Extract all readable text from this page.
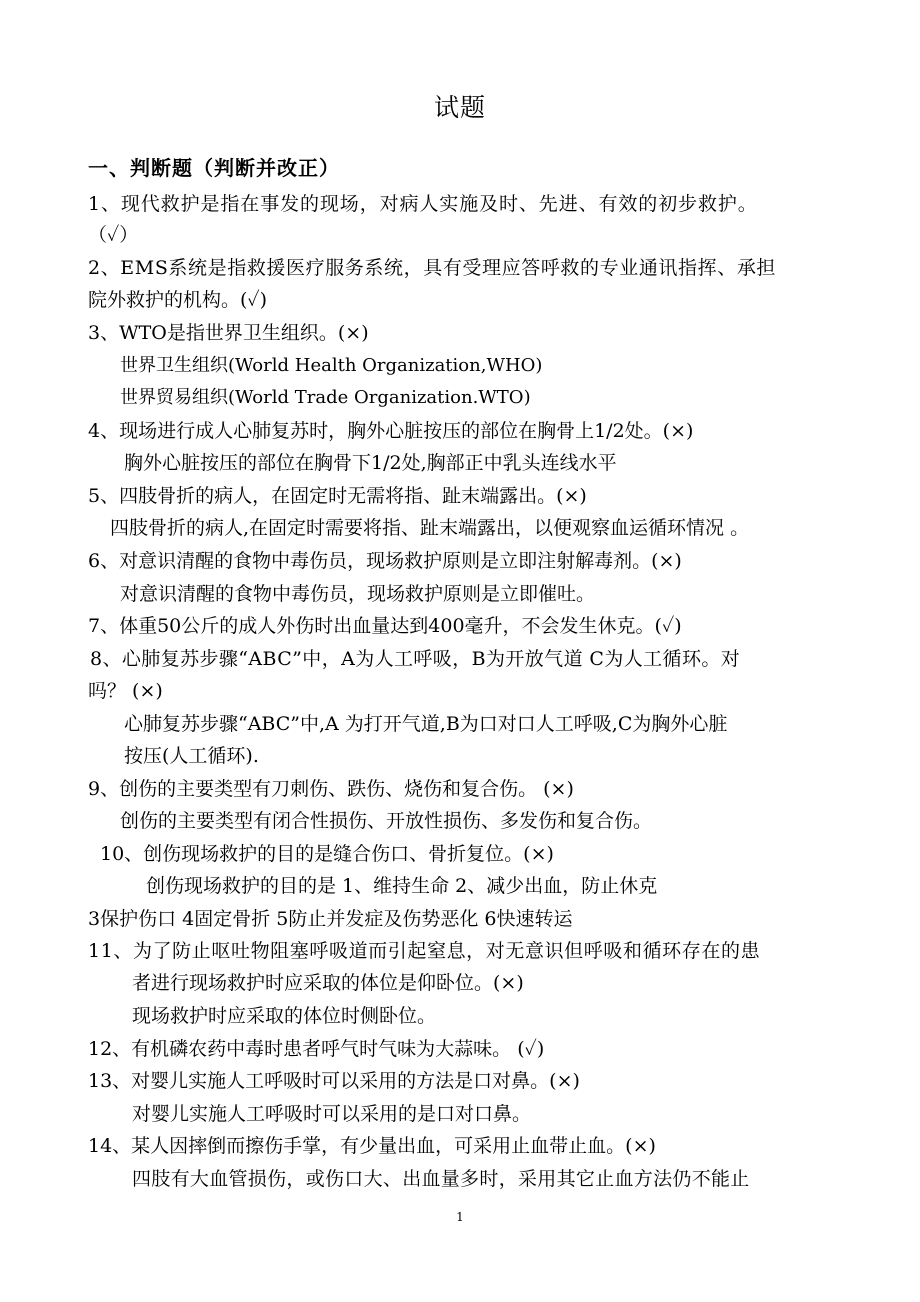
试题
一、判断题（判断并改正）
1、现代救护是指在事发的现场，对病人实施及时、先进、有效的初步救护。
（✓）
2、EMS系统是指救援医疗服务系统，具有受理应答呼救的专业通讯指挥、承担
院外救护的机构。(✓)
3、WTO是指世界卫生组织。(×)
世界卫生组织(World Health Organization,WHO)
世界贸易组织(World Trade Organization.WTO)
4、现场进行成人心肺复苏时，胸外心脏按压的部位在胸骨上1/2处。(×)
胸外心脏按压的部位在胸骨下1/2处,胸部正中乳头连线水平
5、四肢骨折的病人，在固定时无需将指、趾末端露出。(×)
四肢骨折的病人,在固定时需要将指、趾末端露出，以便观察血运循环情况 。
6、对意识清醒的食物中毒伤员，现场救护原则是立即注射解毒剂。(×)
对意识清醒的食物中毒伤员，现场救护原则是立即催吐。
7、体重50公斤的成人外伤时出血量达到400毫升，不会发生休克。(✓)
8、心肺复苏步骤“ABC”中，A为人工呼吸，B为开放气道 C为人工循环。对
吗？ (×)
心肺复苏步骤“ABC”中,A 为打开气道,B为口对口人工呼吸,C为胸外心脏
按压(人工循环).
9、创伤的主要类型有刀刺伤、跌伤、烧伤和复合伤。 (×)
创伤的主要类型有闭合性损伤、开放性损伤、多发伤和复合伤。
10、创伤现场救护的目的是缝合伤口、骨折复位。(×)
创伤现场救护的目的是 1、维持生命 2、减少出血，防止休克
3保护伤口 4固定骨折 5防止并发症及伤势恶化 6快速转运
11、为了防止呕吐物阻塞呼吸道而引起窒息，对无意识但呼吸和循环存在的患
者进行现场救护时应采取的体位是仰卧位。(×)
现场救护时应采取的体位时侧卧位。
12、有机磷农药中毒时患者呼气时气味为大蒜味。 (✓)
13、对婴儿实施人工呼吸时可以采用的方法是口对鼻。(×)
对婴儿实施人工呼吸时可以采用的是口对口鼻。
14、某人因摔倒而擦伤手掌，有少量出血，可采用止血带止血。(×)
四肢有大血管损伤，或伤口大、出血量多时，采用其它止血方法仍不能止
1
